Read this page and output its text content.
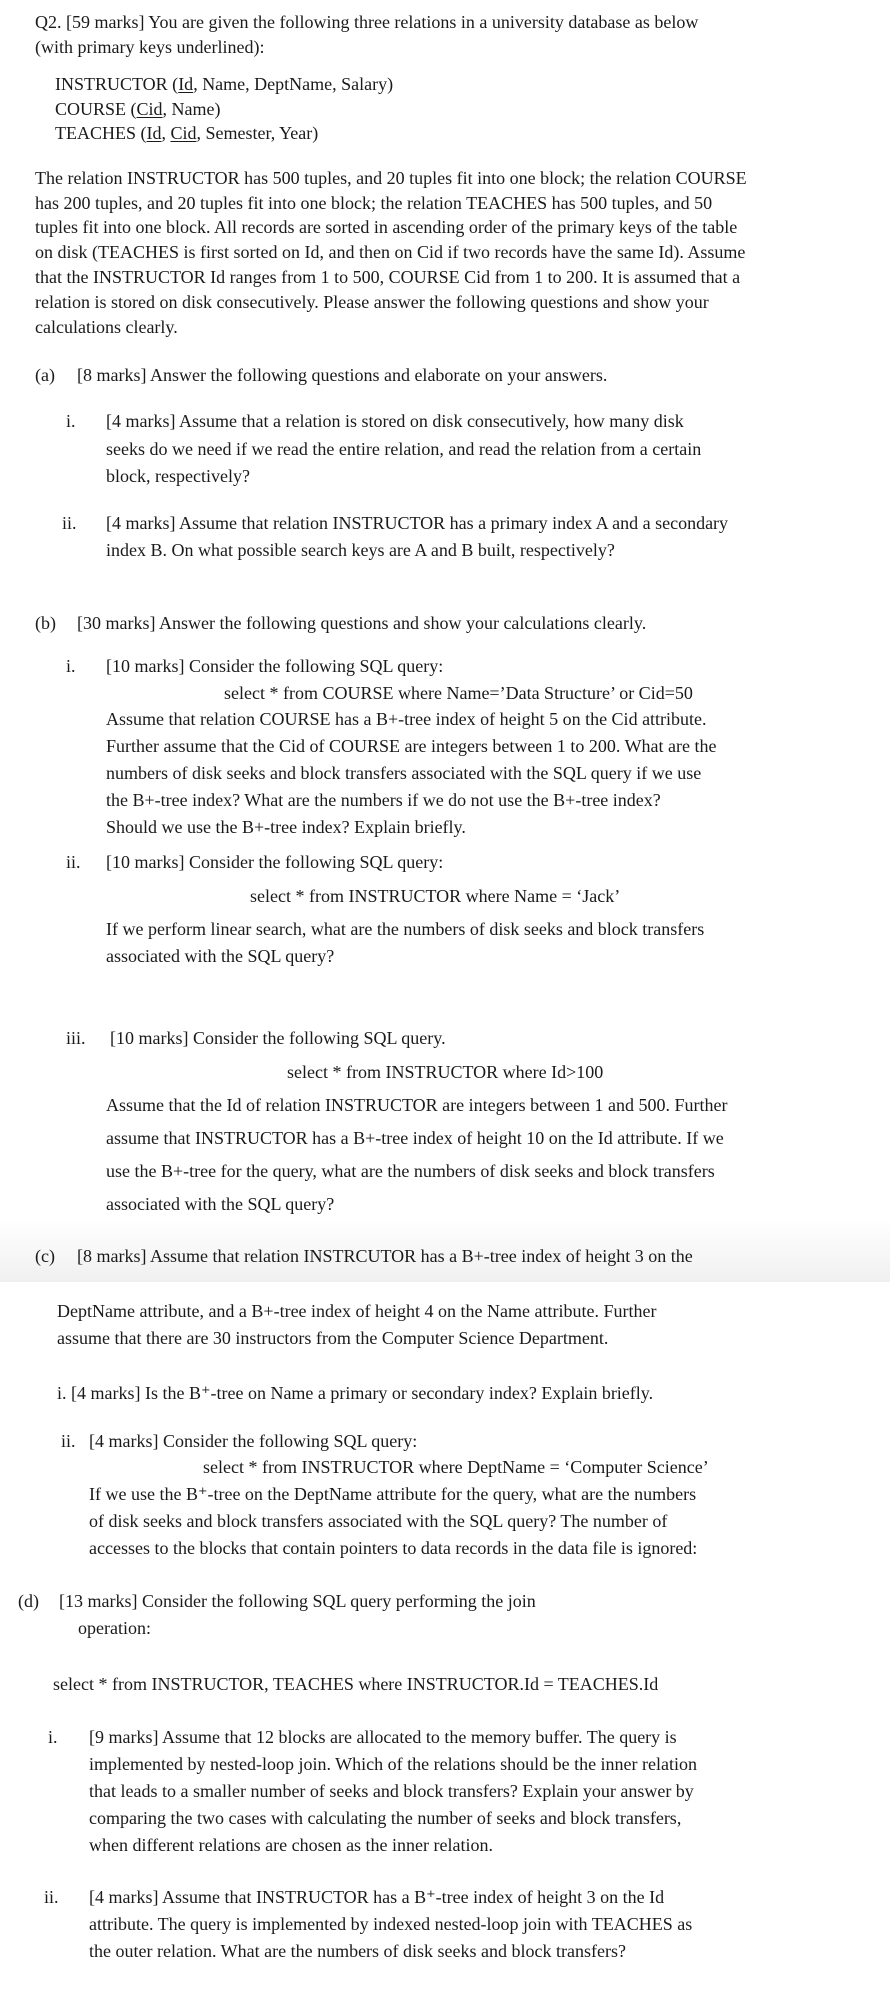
Q2. [59 marks] You are given the following three relations in a university database as below
(with primary keys underlined):
INSTRUCTOR (Id, Name, DeptName, Salary)
COURSE (Cid, Name)
TEACHES (Id, Cid, Semester, Year)
The relation INSTRUCTOR has 500 tuples, and 20 tuples fit into one block; the relation COURSE
has 200 tuples, and 20 tuples fit into one block; the relation TEACHES has 500 tuples, and 50
tuples fit into one block. All records are sorted in ascending order of the primary keys of the table
on disk (TEACHES is first sorted on Id, and then on Cid if two records have the same Id). Assume
that the INSTRUCTOR Id ranges from 1 to 500, COURSE Cid from 1 to 200. It is assumed that a
relation is stored on disk consecutively. Please answer the following questions and show your
calculations clearly.
(a) [8 marks] Answer the following questions and elaborate on your answers.
i. [4 marks] Assume that a relation is stored on disk consecutively, how many disk
seeks do we need if we read the entire relation, and read the relation from a certain
block, respectively?
ii. [4 marks] Assume that relation INSTRUCTOR has a primary index A and a secondary
index B. On what possible search keys are A and B built, respectively?
(b) [30 marks] Answer the following questions and show your calculations clearly.
i. [10 marks] Consider the following SQL query:
select * from COURSE where Name=’Data Structure’ or Cid=50
Assume that relation COURSE has a B+-tree index of height 5 on the Cid attribute.
Further assume that the Cid of COURSE are integers between 1 to 200. What are the
numbers of disk seeks and block transfers associated with the SQL query if we use
the B+-tree index? What are the numbers if we do not use the B+-tree index?
Should we use the B+-tree index? Explain briefly.
ii. [10 marks] Consider the following SQL query:
select * from INSTRUCTOR where Name = ‘Jack’
If we perform linear search, what are the numbers of disk seeks and block transfers
associated with the SQL query?
iii. [10 marks] Consider the following SQL query.
select * from INSTRUCTOR where Id>100
Assume that the Id of relation INSTRUCTOR are integers between 1 and 500. Further
assume that INSTRUCTOR has a B+-tree index of height 10 on the Id attribute. If we
use the B+-tree for the query, what are the numbers of disk seeks and block transfers
associated with the SQL query?
(c) [8 marks] Assume that relation INSTRCUTOR has a B+-tree index of height 3 on the
DeptName attribute, and a B+-tree index of height 4 on the Name attribute. Further
assume that there are 30 instructors from the Computer Science Department.
i. [4 marks] Is the B⁺-tree on Name a primary or secondary index? Explain briefly.
ii. [4 marks] Consider the following SQL query:
select * from INSTRUCTOR where DeptName = ‘Computer Science’
If we use the B⁺-tree on the DeptName attribute for the query, what are the numbers
of disk seeks and block transfers associated with the SQL query? The number of
accesses to the blocks that contain pointers to data records in the data file is ignored:
(d) [13 marks] Consider the following SQL query performing the join
operation:
select * from INSTRUCTOR, TEACHES where INSTRUCTOR.Id = TEACHES.Id
i. [9 marks] Assume that 12 blocks are allocated to the memory buffer. The query is
implemented by nested-loop join. Which of the relations should be the inner relation
that leads to a smaller number of seeks and block transfers? Explain your answer by
comparing the two cases with calculating the number of seeks and block transfers,
when different relations are chosen as the inner relation.
ii. [4 marks] Assume that INSTRUCTOR has a B⁺-tree index of height 3 on the Id
attribute. The query is implemented by indexed nested-loop join with TEACHES as
the outer relation. What are the numbers of disk seeks and block transfers?
